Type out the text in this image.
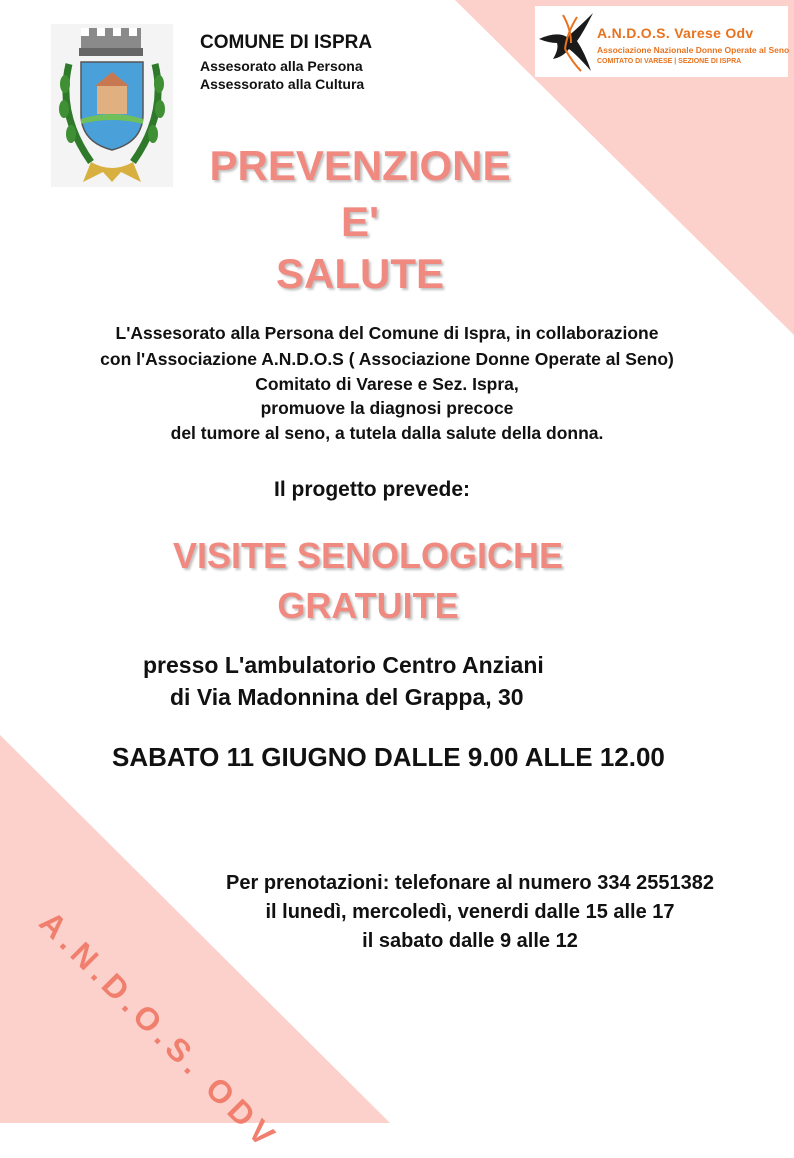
COMUNE DI ISPRA
Assesorato alla Persona
Assessorato alla Cultura
A.N.D.O.S. Varese Odv
Associazione Nazionale Donne Operate al Seno
COMITATO DI VARESE | SEZIONE DI ISPRA
PREVENZIONE
E'
SALUTE
L'Assesorato alla Persona del Comune di Ispra, in collaborazione
con l'Associazione A.N.D.O.S ( Associazione Donne Operate al Seno)
Comitato di Varese e Sez. Ispra,
promuove la diagnosi precoce
del tumore al seno, a tutela dalla salute della donna.
Il progetto prevede:
VISITE SENOLOGICHE
GRATUITE
presso L'ambulatorio Centro Anziani
di Via Madonnina del Grappa, 30
SABATO 11 GIUGNO DALLE 9.00 ALLE 12.00
Per prenotazioni: telefonare al numero 334 2551382
il lunedì, mercoledì, venerdi dalle 15 alle 17
il sabato dalle 9 alle 12
